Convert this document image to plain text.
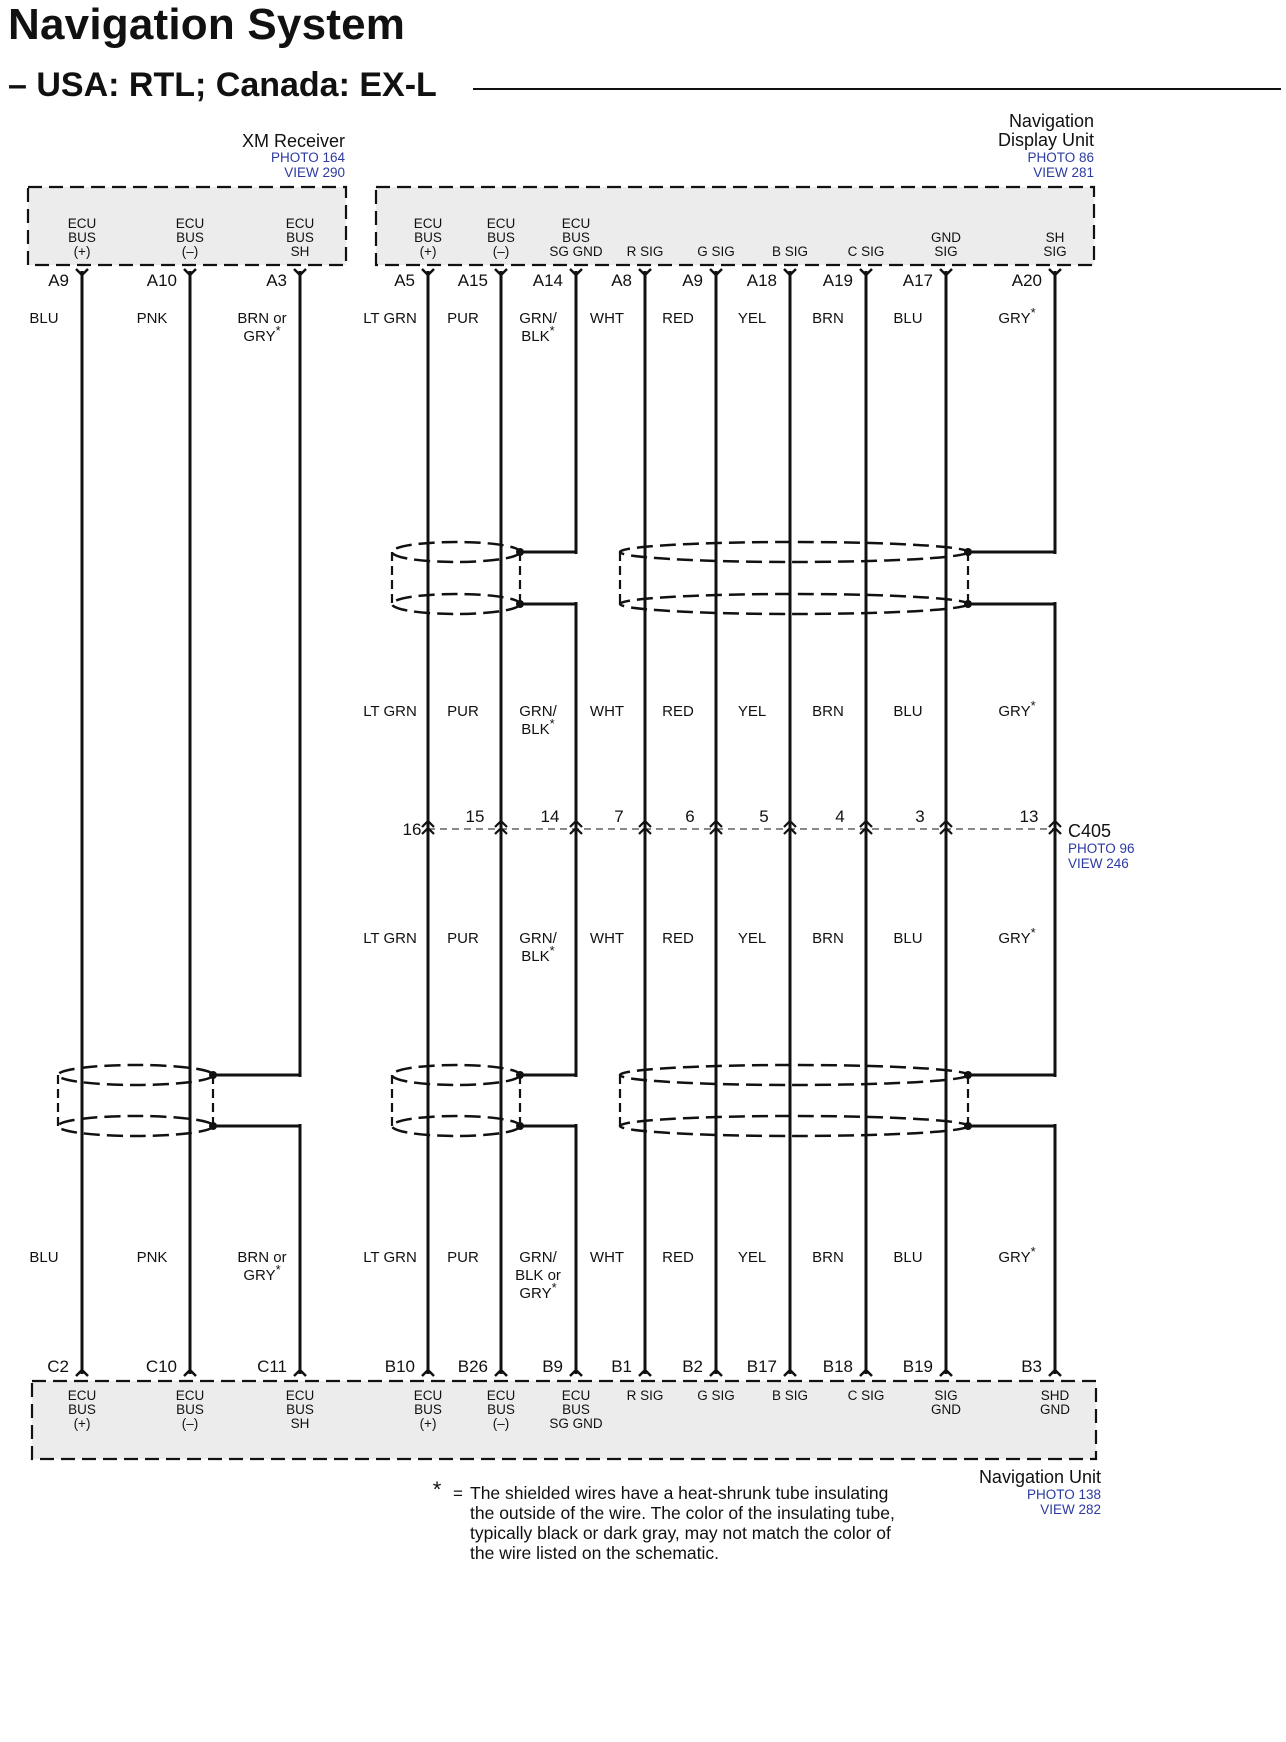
Navigation System
– USA: RTL; Canada: EX-L
XM Receiver
PHOTO 164
VIEW 290
Navigation
Display Unit
PHOTO 86
VIEW 281
Navigation Unit
PHOTO 138
VIEW 282
C405
PHOTO 96
VIEW 246
ECU
BUS
(+)
A9
ECU
BUS
(+)
C2
BLU
BLU
ECU
BUS
(–)
A10
ECU
BUS
(–)
C10
PNK
PNK
ECU
BUS
SH
A3
ECU
BUS
SH
C11
BRN or
GRY*
BRN or
GRY*
ECU
BUS
(+)
A5
ECU
BUS
(+)
B10
LT GRN
LT GRN
LT GRN
LT GRN
16
ECU
BUS
(–)
A15
ECU
BUS
(–)
B26
PUR
PUR
PUR
PUR
15
ECU
BUS
SG GND
A14
ECU
BUS
SG GND
B9
GRN/
BLK*
GRN/
BLK*
GRN/
BLK*
GRN/
BLK or
GRY*
14
R SIG
A8
R SIG
B1
WHT
WHT
WHT
WHT
7
G SIG
A9
G SIG
B2
RED
RED
RED
RED
6
B SIG
A18
B SIG
B17
YEL
YEL
YEL
YEL
5
C SIG
A19
C SIG
B18
BRN
BRN
BRN
BRN
4
GND
SIG
A17
SIG
GND
B19
BLU
BLU
BLU
BLU
3
SH
SIG
A20
SHD
GND
B3
GRY*
GRY*
GRY*
GRY*
13
* = The shielded wires have a heat-shrunk tube insulating
the outside of the wire. The color of the insulating tube,
typically black or dark gray, may not match the color of
the wire listed on the schematic.
